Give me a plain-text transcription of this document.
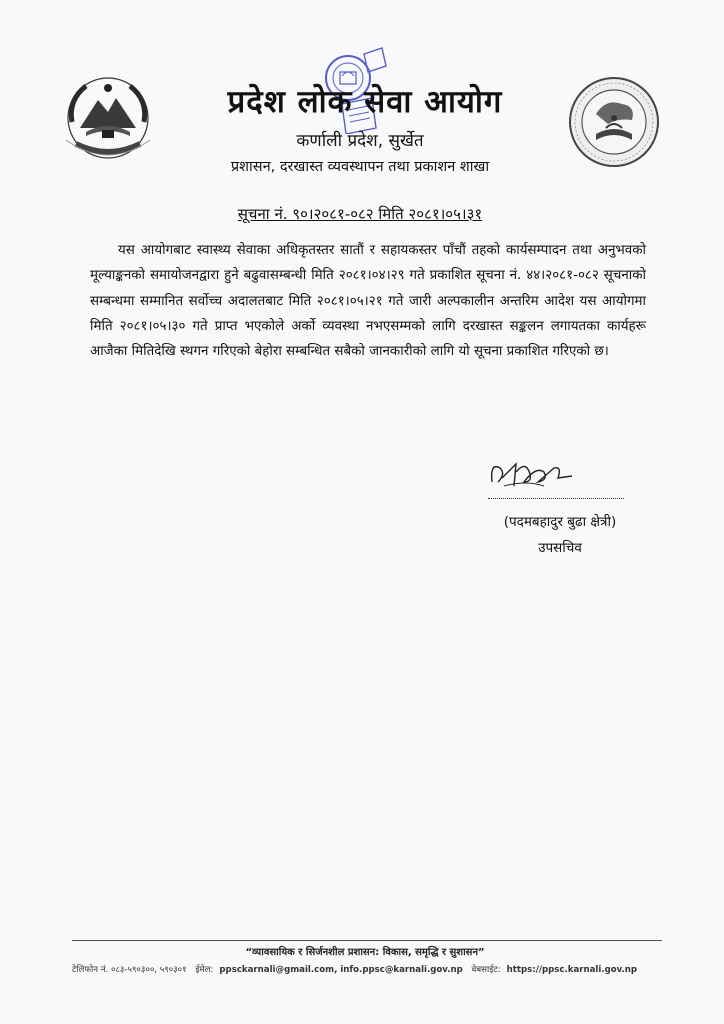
प्रदेश लोक सेवा आयोग
कर्णाली प्रदेश, सुर्खेत
प्रशासन, दरखास्त व्यवस्थापन तथा प्रकाशन शाखा
सूचना नं. ९०।२०८१-०८२ मिति २०८१।०५।३१
यस आयोगबाट स्वास्थ्य सेवाका अधिकृतस्तर सातौं र सहायकस्तर पाँचौं तहको कार्यसम्पादन तथा अनुभवको मूल्याङ्कनको समायोजनद्वारा हुने बढुवासम्बन्धी मिति २०८१।०४।२९ गते प्रकाशित सूचना नं. ४४।२०८१-०८२ सूचनाको सम्बन्धमा सम्मानित सर्वोच्च अदालतबाट मिति २०८१।०५।२१ गते जारी अल्पकालीन अन्तरिम आदेश यस आयोगमा मिति २०८१।०५।३० गते प्राप्त भएकोले अर्को व्यवस्था नभएसम्मको लागि दरखास्त सङ्कलन लगायतका कार्यहरू आजैका मितिदेखि स्थगन गरिएको बेहोरा सम्बन्धित सबैको जानकारीको लागि यो सूचना प्रकाशित गरिएको छ।
(पदमबहादुर बुढा क्षेत्री)
उपसचिव
“व्यावसायिक र सिर्जनशील प्रशासन: विकास, समृद्धि र सुशासन”
टेलिफोन नं. ०८३-५९०३००, ५९०३०१ ईमेल: ppsckarnali@gmail.com, info.ppsc@karnali.gov.np वेबसाईट: https://ppsc.karnali.gov.np
